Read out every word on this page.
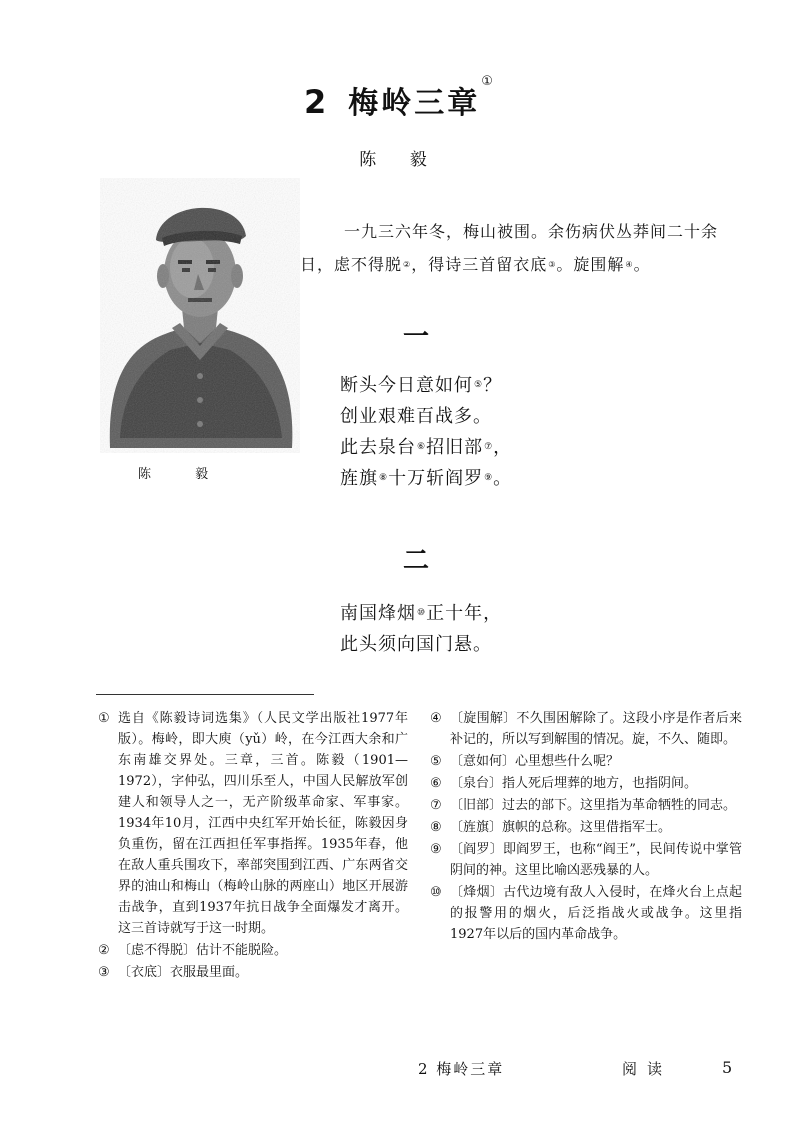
2 梅岭三章①
陈 毅
陈 毅

一九三六年冬，梅山被围。余伤病伏丛莽间二十余日，虑不得脱②，得诗三首留衣底③。旋围解④。

一
断头今日意如何⑤？
创业艰难百战多。
此去泉台⑥招旧部⑦，
旌旗⑧十万斩阎罗⑨。
二
南国烽烟⑩正十年，
此头须向国门悬。
① 选自《陈毅诗词选集》（人民文学出版社1977年版）。梅岭，即大庾（yǔ）岭，在今江西大余和广东南雄交界处。三章，三首。陈毅（1901—1972），字仲弘，四川乐至人，中国人民解放军创建人和领导人之一，无产阶级革命家、军事家。1934年10月，江西中央红军开始长征，陈毅因身负重伤，留在江西担任军事指挥。1935年春，他在敌人重兵围攻下，率部突围到江西、广东两省交界的油山和梅山（梅岭山脉的两座山）地区开展游击战争，直到1937年抗日战争全面爆发才离开。这三首诗就写于这一时期。
② 〔虑不得脱〕估计不能脱险。
③ 〔衣底〕衣服最里面。
④ 〔旋围解〕不久围困解除了。这段小序是作者后来补记的，所以写到解围的情况。旋，不久、随即。
⑤ 〔意如何〕心里想些什么呢？
⑥ 〔泉台〕指人死后埋葬的地方，也指阴间。
⑦ 〔旧部〕过去的部下。这里指为革命牺牲的同志。
⑧ 〔旌旗〕旗帜的总称。这里借指军士。
⑨ 〔阎罗〕即阎罗王，也称“阎王”，民间传说中掌管阴间的神。这里比喻凶恶残暴的人。
⑩ 〔烽烟〕古代边境有敌人入侵时，在烽火台上点起的报警用的烟火，后泛指战火或战争。这里指1927年以后的国内革命战争。
2 梅岭三章	阅读	5
